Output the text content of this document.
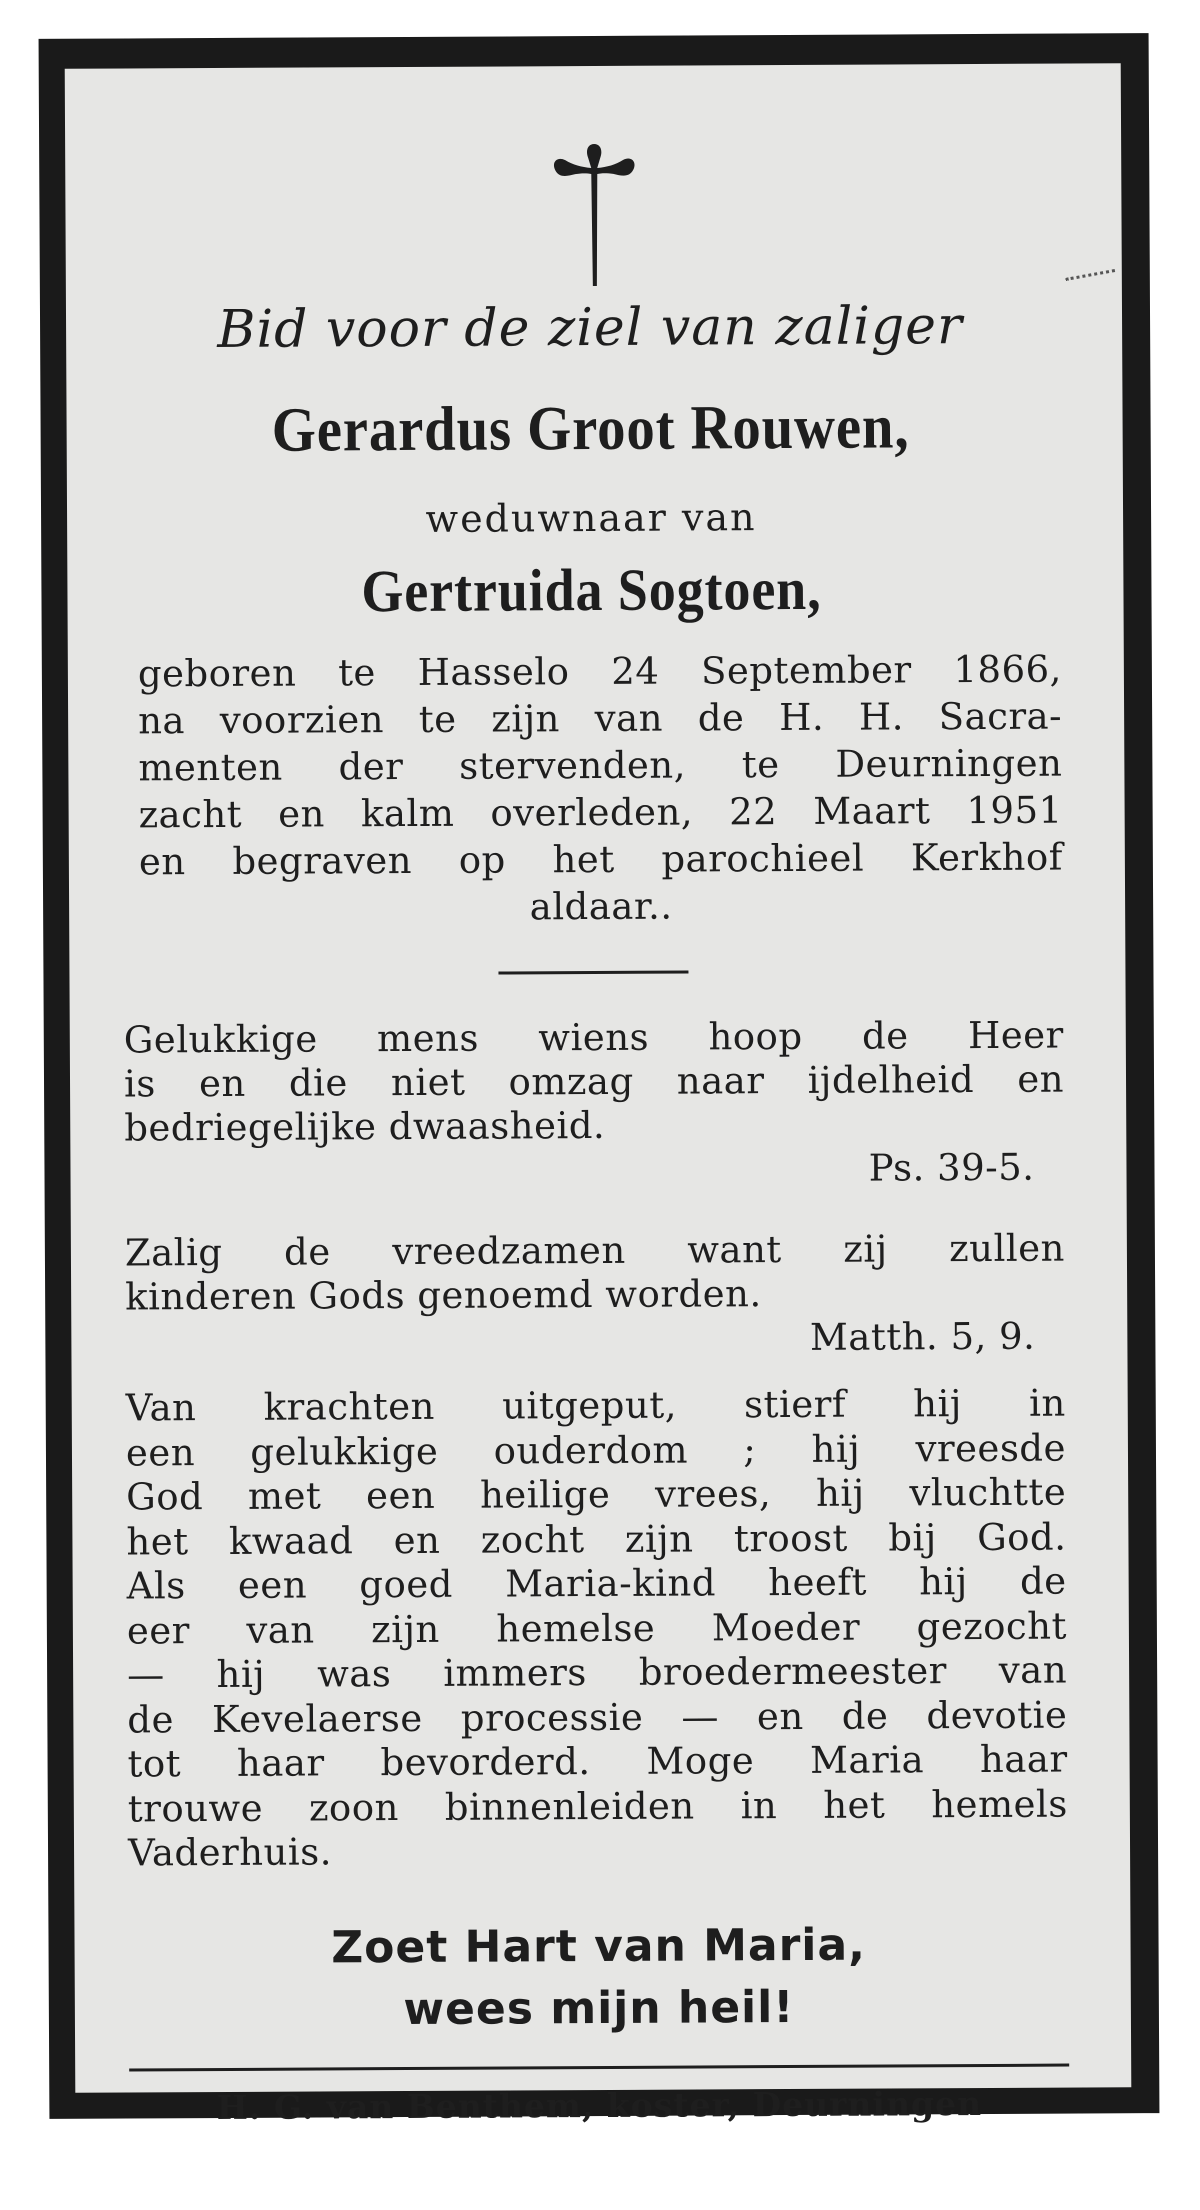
Bid voor de ziel van zaliger
Gerardus Groot Rouwen,
weduwnaar van
Gertruida Sogtoen,
geboren te Hasselo 24 September 1866,
na voorzien te zijn van de H. H. Sacra-
menten der stervenden, te Deurningen
zacht en kalm overleden, 22 Maart 1951
en begraven op het parochieel Kerkhof
aldaar..
Gelukkige mens wiens hoop de Heer
is en die niet omzag naar ijdelheid en
bedriegelijke dwaasheid.
Ps. 39-5.
Zalig de vreedzamen want zij zullen
kinderen Gods genoemd worden.
Matth. 5, 9.
Van krachten uitgeput, stierf hij in
een gelukkige ouderdom ; hij vreesde
God met een heilige vrees, hij vluchtte
het kwaad en zocht zijn troost bij God.
Als een goed Maria-kind heeft hij de
eer van zijn hemelse Moeder gezocht
— hij was immers broedermeester van
de Kevelaerse processie — en de devotie
tot haar bevorderd. Moge Maria haar
trouwe zoon binnenleiden in het hemels
Vaderhuis.
Zoet Hart van Maria,
wees mijn heil!
H. G. van Benthem, koster, Deurningen
